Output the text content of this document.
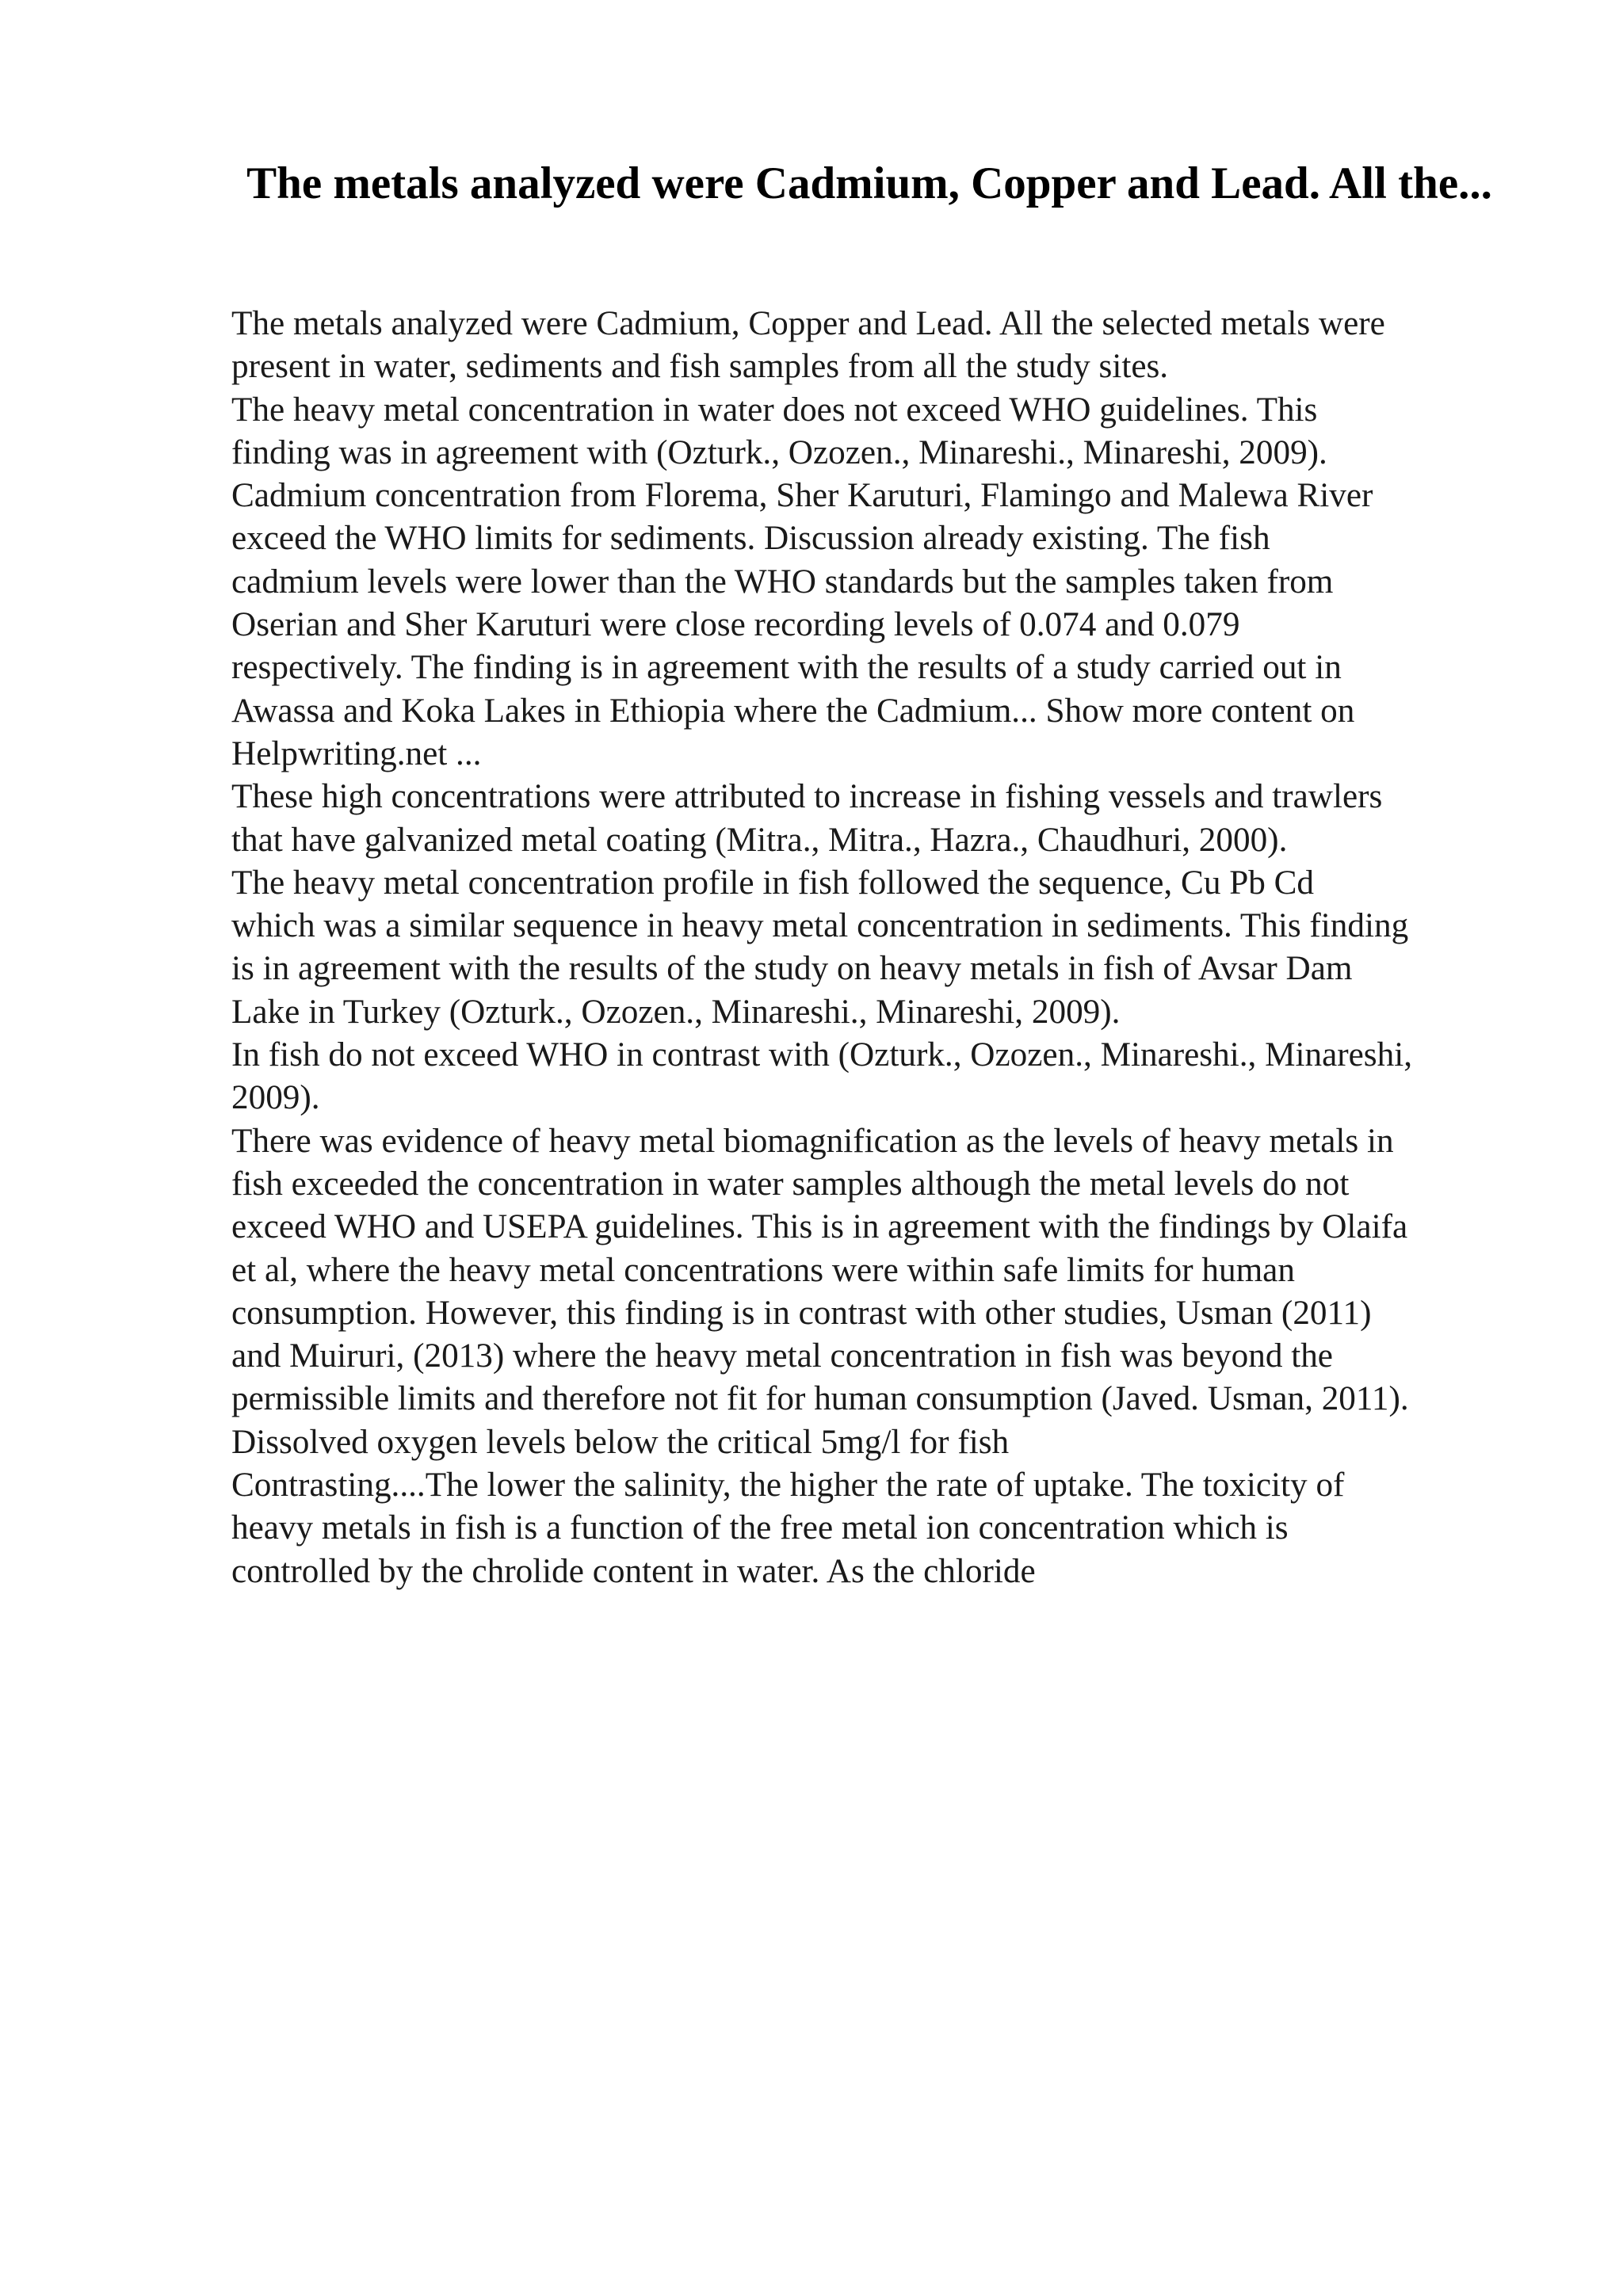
The metals analyzed were Cadmium, Copper and Lead. All the...
The metals analyzed were Cadmium, Copper and Lead. All the selected metals were
present in water, sediments and fish samples from all the study sites.
The heavy metal concentration in water does not exceed WHO guidelines. This
finding was in agreement with (Ozturk., Ozozen., Minareshi., Minareshi, 2009).
Cadmium concentration from Florema, Sher Karuturi, Flamingo and Malewa River
exceed the WHO limits for sediments. Discussion already existing. The fish
cadmium levels were lower than the WHO standards but the samples taken from
Oserian and Sher Karuturi were close recording levels of 0.074 and 0.079
respectively. The finding is in agreement with the results of a study carried out in
Awassa and Koka Lakes in Ethiopia where the Cadmium... Show more content on
Helpwriting.net ...
These high concentrations were attributed to increase in fishing vessels and trawlers
that have galvanized metal coating (Mitra., Mitra., Hazra., Chaudhuri, 2000).
The heavy metal concentration profile in fish followed the sequence, Cu Pb Cd
which was a similar sequence in heavy metal concentration in sediments. This finding
is in agreement with the results of the study on heavy metals in fish of Avsar Dam
Lake in Turkey (Ozturk., Ozozen., Minareshi., Minareshi, 2009).
In fish do not exceed WHO in contrast with (Ozturk., Ozozen., Minareshi., Minareshi,
2009).
There was evidence of heavy metal biomagnification as the levels of heavy metals in
fish exceeded the concentration in water samples although the metal levels do not
exceed WHO and USEPA guidelines. This is in agreement with the findings by Olaifa
et al, where the heavy metal concentrations were within safe limits for human
consumption. However, this finding is in contrast with other studies, Usman (2011)
and Muiruri, (2013) where the heavy metal concentration in fish was beyond the
permissible limits and therefore not fit for human consumption (Javed. Usman, 2011).
Dissolved oxygen levels below the critical 5mg/l for fish
Contrasting....The lower the salinity, the higher the rate of uptake. The toxicity of
heavy metals in fish is a function of the free metal ion concentration which is
controlled by the chrolide content in water. As the chloride
